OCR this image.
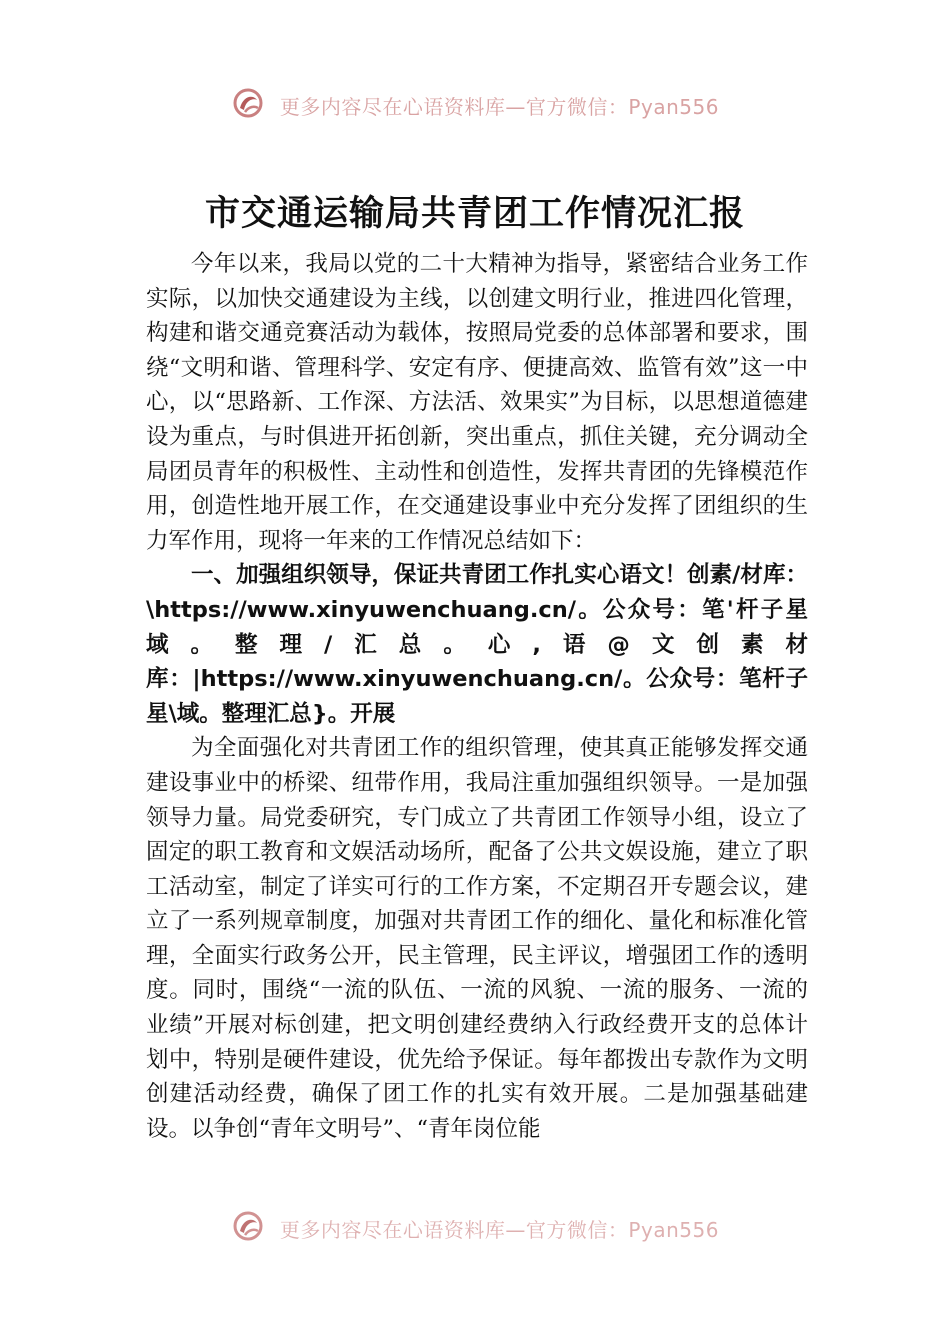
更多内容尽在心语资料库—官方微信：Pyan556
市交通运输局共青团工作情况汇报

今年以来，我局以党的二十大精神为指导，紧密结合业务工作实际，以加快交通建设为主线，以创建文明行业，推进四化管理，构建和谐交通竞赛活动为载体，按照局党委的总体部署和要求，围绕“文明和谐、管理科学、安定有序、便捷高效、监管有效”这一中心，以“思路新、工作深、方法活、效果实”为目标，以思想道德建设为重点，与时俱进开拓创新，突出重点，抓住关键，充分调动全局团员青年的积极性、主动性和创造性，发挥共青团的先锋模范作用，创造性地开展工作，在交通建设事业中充分发挥了团组织的生力军作用，现将一年来的工作情况总结如下：

一、加强组织领导，保证共青团工作扎实心语文！创素/材库：\https://www.xinyuwenchuang.cn/。公众号：笔'杆子星域。整理/汇总。心,语@文创素材库：|https://www.xinyuwenchuang.cn/。公众号：笔杆子星\域。整理汇总}。开展

为全面强化对共青团工作的组织管理，使其真正能够发挥交通建设事业中的桥梁、纽带作用，我局注重加强组织领导。一是加强领导力量。局党委研究，专门成立了共青团工作领导小组，设立了固定的职工教育和文娱活动场所，配备了公共文娱设施，建立了职工活动室，制定了详实可行的工作方案，不定期召开专题会议，建立了一系列规章制度，加强对共青团工作的细化、量化和标准化管理，全面实行政务公开，民主管理，民主评议，增强团工作的透明度。同时，围绕“一流的队伍、一流的风貌、一流的服务、一流的业绩”开展对标创建，把文明创建经费纳入行政经费开支的总体计划中，特别是硬件建设，优先给予保证。每年都拨出专款作为文明创建活动经费，确保了团工作的扎实有效开展。二是加强基础建设。以争创“青年文明号”、“青年岗位能

更多内容尽在心语资料库—官方微信：Pyan556
